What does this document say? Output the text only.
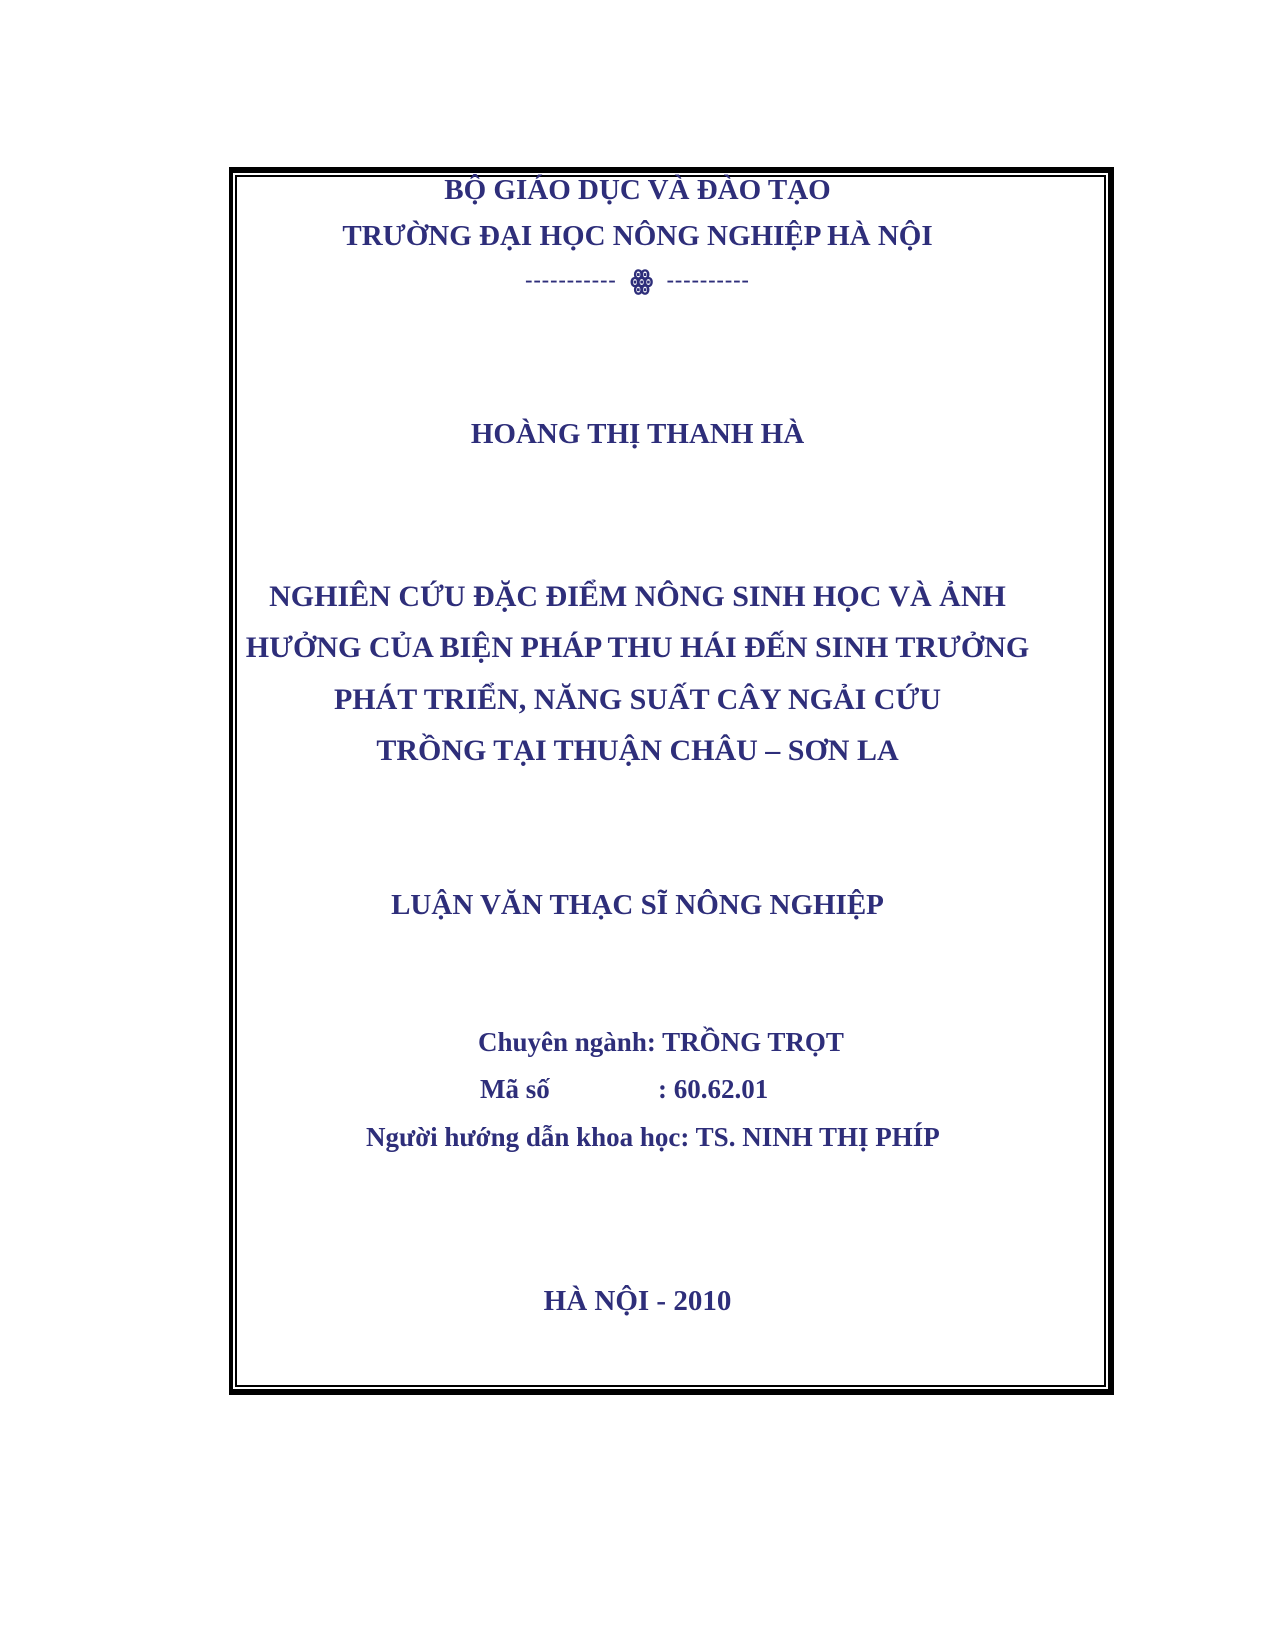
BỘ GIÁO DỤC VÀ ĐÀO TẠO
TRƯỜNG ĐẠI HỌC NÔNG NGHIỆP HÀ NỘI
----------- ꙮ ----------
HOÀNG THỊ THANH HÀ
NGHIÊN CỨU ĐẶC ĐIỂM NÔNG SINH HỌC VÀ ẢNH
HƯỞNG CỦA BIỆN PHÁP THU HÁI ĐẾN SINH TRƯỞNG
PHÁT TRIỂN, NĂNG SUẤT CÂY NGẢI CỨU
TRỒNG TẠI THUẬN CHÂU – SƠN LA
LUẬN VĂN THẠC SĨ NÔNG NGHIỆP
Chuyên ngành: TRỒNG TRỌT
Mã số	: 60.62.01
Người hướng dẫn khoa học: TS. NINH THỊ PHÍP
HÀ NỘI - 2010
